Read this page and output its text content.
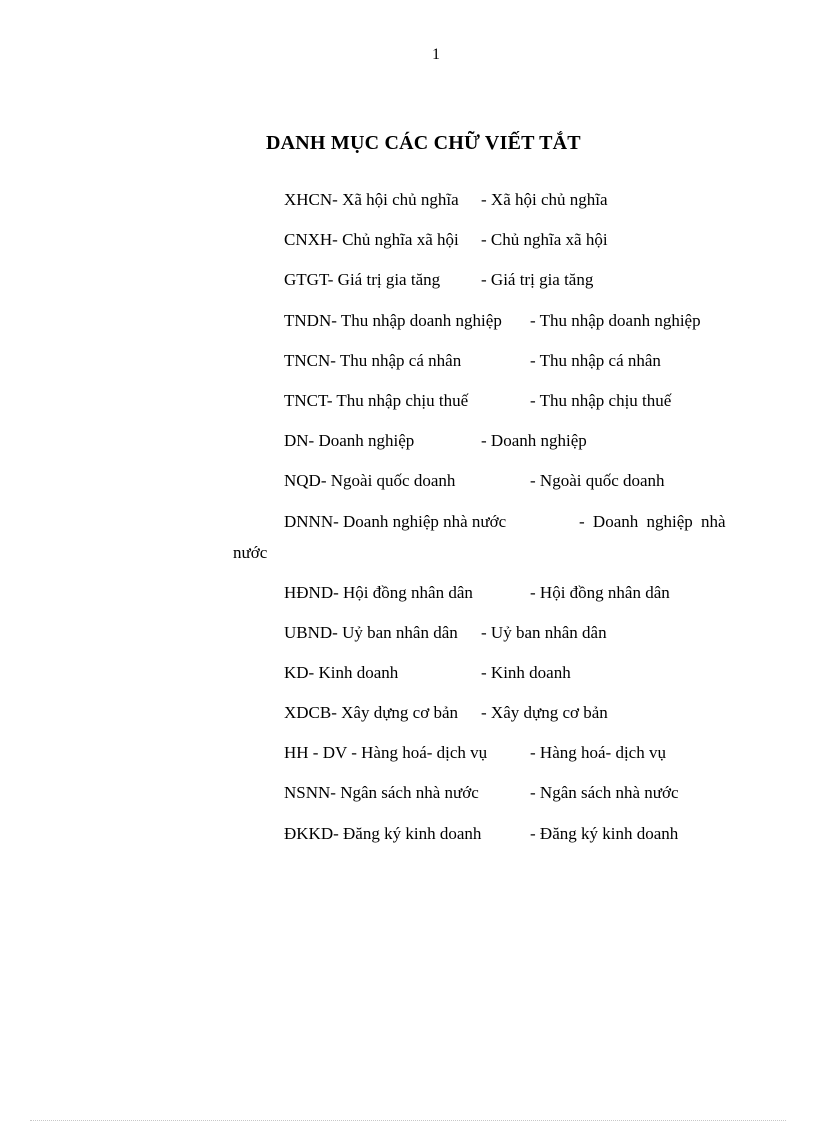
1
DANH MỤC CÁC CHỮ VIẾT TẮT
XHCN- Xã hội chủ nghĩa - Xã hội chủ nghĩa
CNXH- Chủ nghĩa xã hội - Chủ nghĩa xã hội
GTGT- Giá trị gia tăng - Giá trị gia tăng
TNDN- Thu nhập doanh nghiệp - Thu nhập doanh nghiệp
TNCN- Thu nhập cá nhân	- Thu nhập cá nhân
TNCT- Thu nhập chịu thuế	- Thu nhập chịu thuế
DN- Doanh nghiệp	- Doanh nghiệp
NQD- Ngoài quốc doanh	- Ngoài quốc doanh
DNNN- Doanh nghiệp nhà nước	- Doanh nghiệp nhà
nước
HĐND- Hội đồng nhân dân	- Hội đồng nhân dân
UBND- Uỷ ban nhân dân - Uỷ ban nhân dân
KD- Kinh doanh	- Kinh doanh
XDCB- Xây dựng cơ bản - Xây dựng cơ bản
HH - DV - Hàng hoá- dịch vụ	- Hàng hoá- dịch vụ
NSNN- Ngân sách nhà nước	- Ngân sách nhà nước
ĐKKD- Đăng ký kinh doanh	- Đăng ký kinh doanh
